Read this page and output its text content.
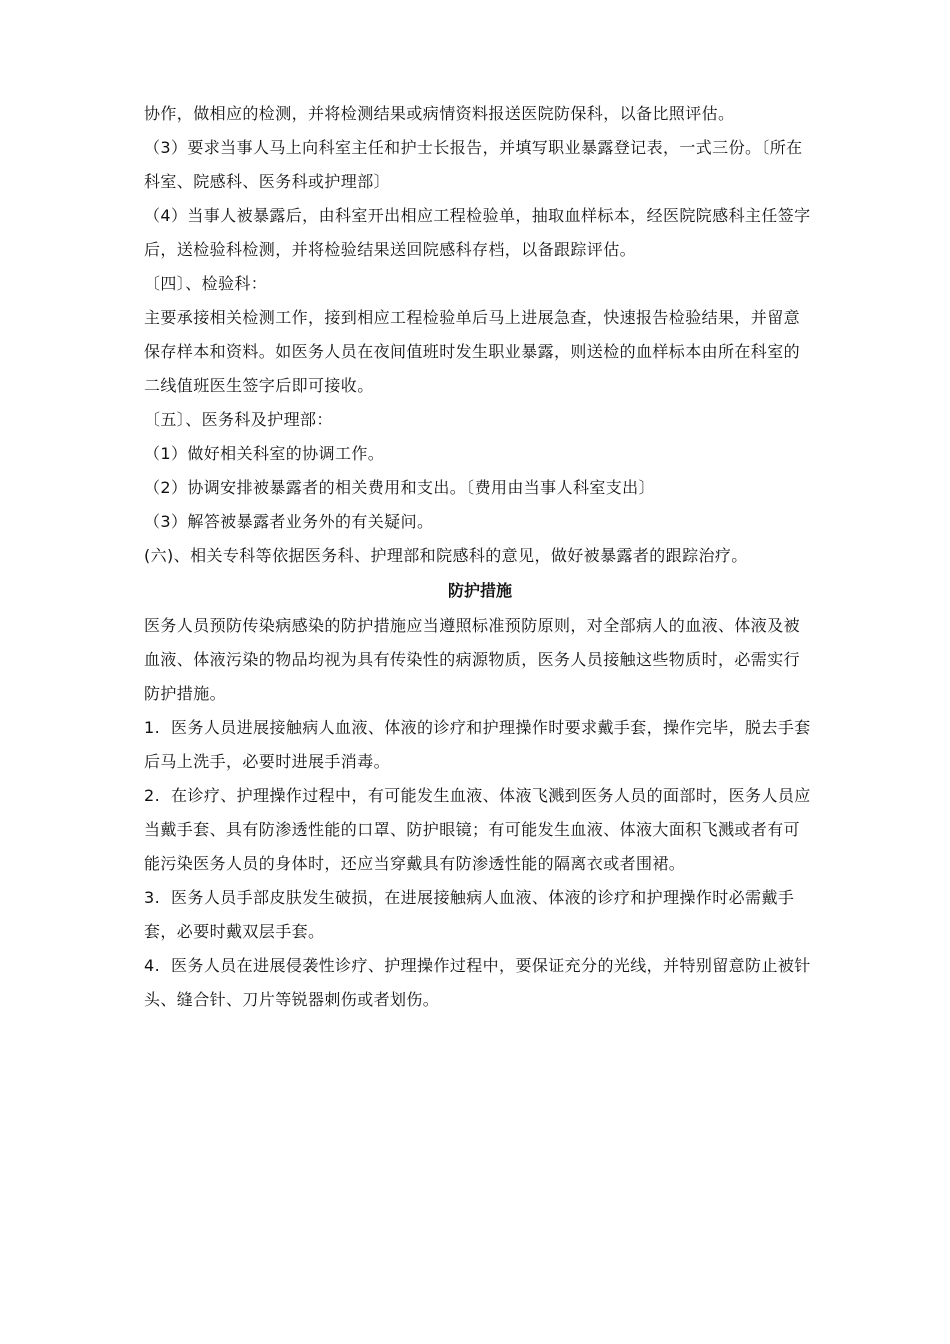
协作，做相应的检测，并将检测结果或病情资料报送医院防保科，以备比照评估。

（3）要求当事人马上向科室主任和护士长报告，并填写职业暴露登记表，一式三份。〔所在科室、院感科、医务科或护理部〕

（4）当事人被暴露后，由科室开出相应工程检验单，抽取血样标本，经医院院感科主任签字后，送检验科检测，并将检验结果送回院感科存档，以备跟踪评估。

〔四〕、检验科：

主要承接相关检测工作，接到相应工程检验单后马上进展急查，快速报告检验结果，并留意保存样本和资料。如医务人员在夜间值班时发生职业暴露，则送检的血样标本由所在科室的二线值班医生签字后即可接收。

〔五〕、医务科及护理部：

（1）做好相关科室的协调工作。

（2）协调安排被暴露者的相关费用和支出。〔费用由当事人科室支出〕

（3）解答被暴露者业务外的有关疑问。

(六)、相关专科等依据医务科、护理部和院感科的意见，做好被暴露者的跟踪治疗。

防护措施

医务人员预防传染病感染的防护措施应当遵照标准预防原则，对全部病人的血液、体液及被血液、体液污染的物品均视为具有传染性的病源物质，医务人员接触这些物质时，必需实行防护措施。

1.  医务人员进展接触病人血液、体液的诊疗和护理操作时要求戴手套，操作完毕，脱去手套后马上洗手，必要时进展手消毒。

2.  在诊疗、护理操作过程中，有可能发生血液、体液飞溅到医务人员的面部时，医务人员应当戴手套、具有防渗透性能的口罩、防护眼镜；有可能发生血液、体液大面积飞溅或者有可能污染医务人员的身体时，还应当穿戴具有防渗透性能的隔离衣或者围裙。

3.  医务人员手部皮肤发生破损，在进展接触病人血液、体液的诊疗和护理操作时必需戴手套，必要时戴双层手套。

4.  医务人员在进展侵袭性诊疗、护理操作过程中，要保证充分的光线，并特别留意防止被针头、缝合针、刀片等锐器刺伤或者划伤。
